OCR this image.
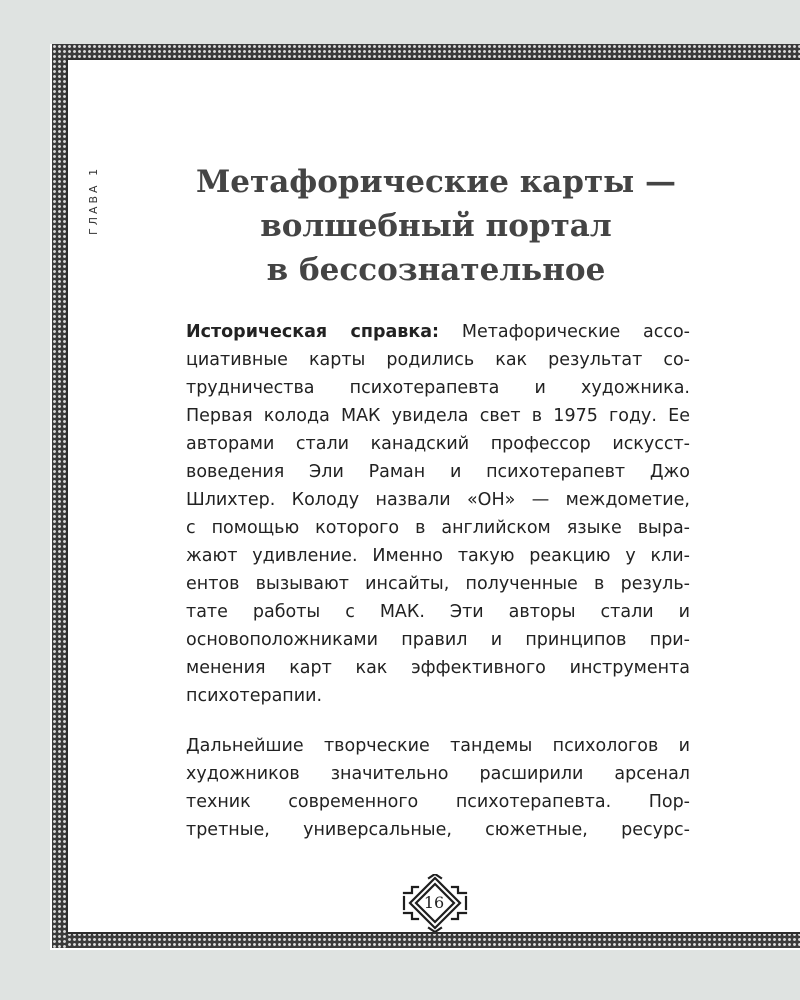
ГЛАВА 1	Метафорические карты —
волшебный портал
в бессознательное
Историческая справка: Метафорические ассо-
циативные карты родились как результат со-
трудничества психотерапевта и художника.
Первая колода МАК увидела свет в 1975 году. Ее
авторами стали канадский профессор искусст-
воведения Эли Раман и психотерапевт Джо
Шлихтер. Колоду назвали «ОН» — междометие,
с помощью которого в английском языке выра-
жают удивление. Именно такую реакцию у кли-
ентов вызывают инсайты, полученные в резуль-
тате работы с МАК. Эти авторы стали и
основоположниками правил и принципов при-
менения карт как эффективного инструмента
психотерапии.
Дальнейшие творческие тандемы психологов и
художников значительно расширили арсенал
техник современного психотерапевта. Пор-
третные, универсальные, сюжетные, ресурс-
16
